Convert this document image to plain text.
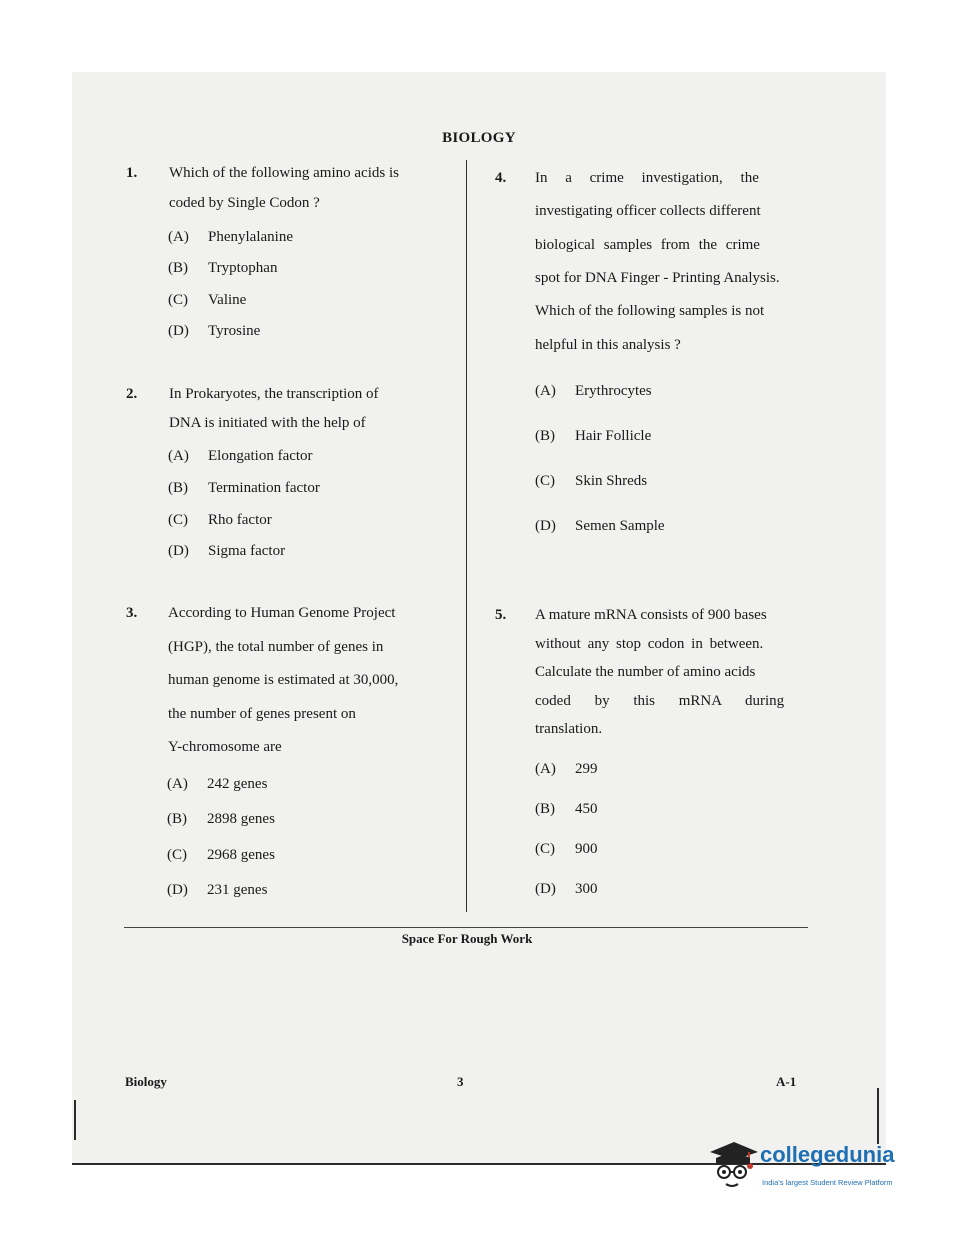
BIOLOGY
1. Which of the following amino acids is
coded by Single Codon ?
(A) Phenylalanine
(B) Tryptophan
(C) Valine
(D) Tyrosine
2. In Prokaryotes, the transcription of
DNA is initiated with the help of
(A) Elongation factor
(B) Termination factor
(C) Rho factor
(D) Sigma factor
3. According to Human Genome Project
(HGP), the total number of genes in
human genome is estimated at 30,000,
the number of genes present on
Y-chromosome are
(A) 242 genes
(B) 2898 genes
(C) 2968 genes
(D) 231 genes
4. In a crime investigation, the
investigating officer collects different
biological samples from the crime
spot for DNA Finger - Printing Analysis.
Which of the following samples is not
helpful in this analysis ?
(A) Erythrocytes
(B) Hair Follicle
(C) Skin Shreds
(D) Semen Sample
5. A mature mRNA consists of 900 bases
without any stop codon in between.
Calculate the number of amino acids
coded by this mRNA during
translation.
(A) 299
(B) 450
(C) 900
(D) 300
Space For Rough Work
Biology	3	A-1
collegedunia
India's largest Student Review Platform
